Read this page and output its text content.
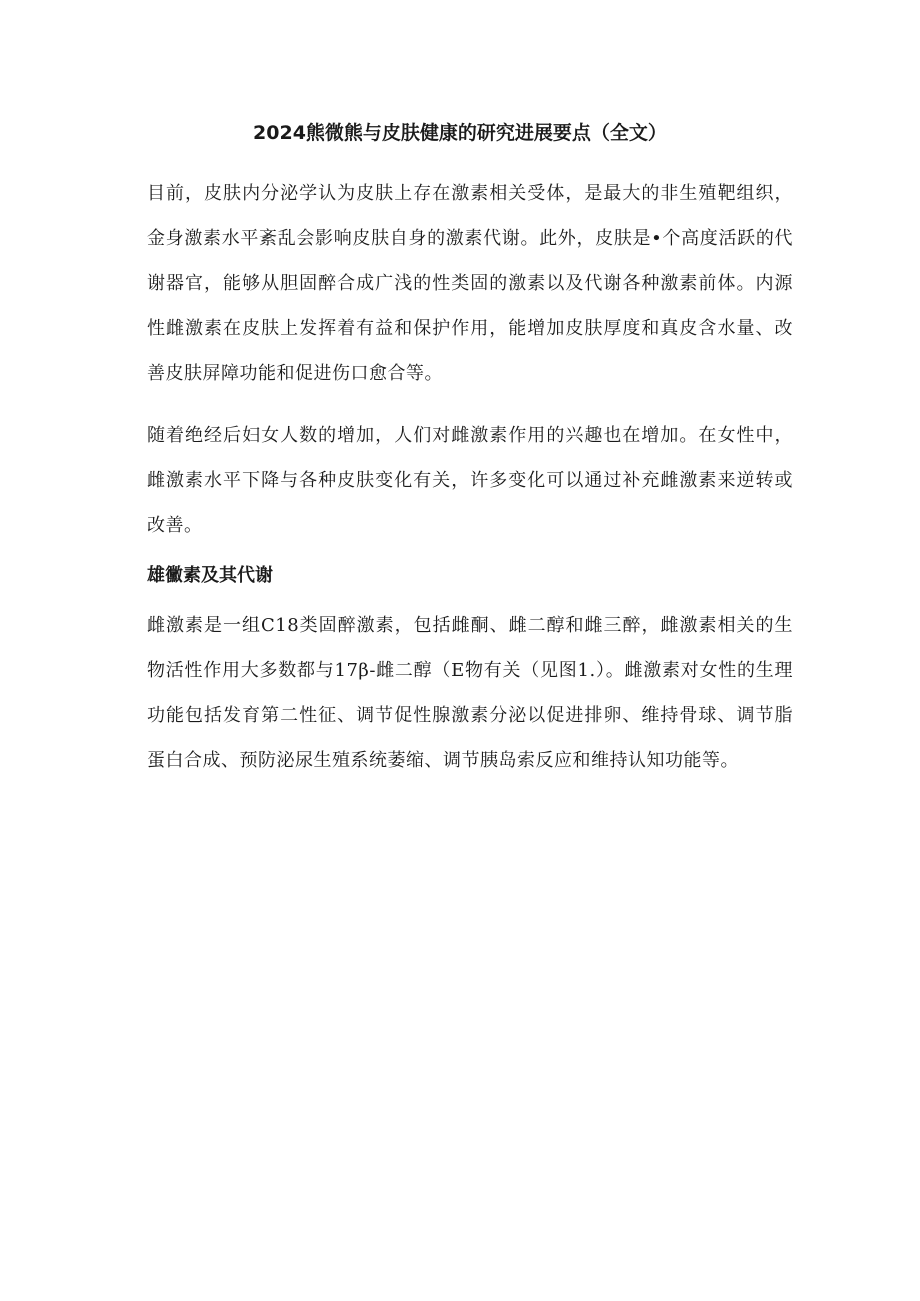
2024熊微熊与皮肤健康的研究进展要点（全文）

目前，皮肤内分泌学认为皮肤上存在激素相关受体，是最大的非生殖靶组织，金身激素水平紊乱会影响皮肤自身的激素代谢。此外，皮肤是•个高度活跃的代谢器官，能够从胆固醉合成广浅的性类固的激素以及代谢各种激素前体。内源性雌激素在皮肤上发挥着有益和保护作用，能增加皮肤厚度和真皮含水量、改善皮肤屏障功能和促进伤口愈合等。

随着绝经后妇女人数的增加，人们对雌激素作用的兴趣也在增加。在女性中，雌激素水平下降与各种皮肤变化有关，许多变化可以通过补充雌激素来逆转或改善。

雄黴素及其代谢

雌激素是一组C18类固醉激素，包括雌酮、雌二醇和雌三醉，雌激素相关的生物活性作用大多数都与17β-雌二醇（E物有关（见图1.）。雌激素对女性的生理功能包括发育第二性征、调节促性腺激素分泌以促进排卵、维持骨球、调节脂蛋白合成、预防泌尿生殖系统萎缩、调节胰岛索反应和维持认知功能等。
